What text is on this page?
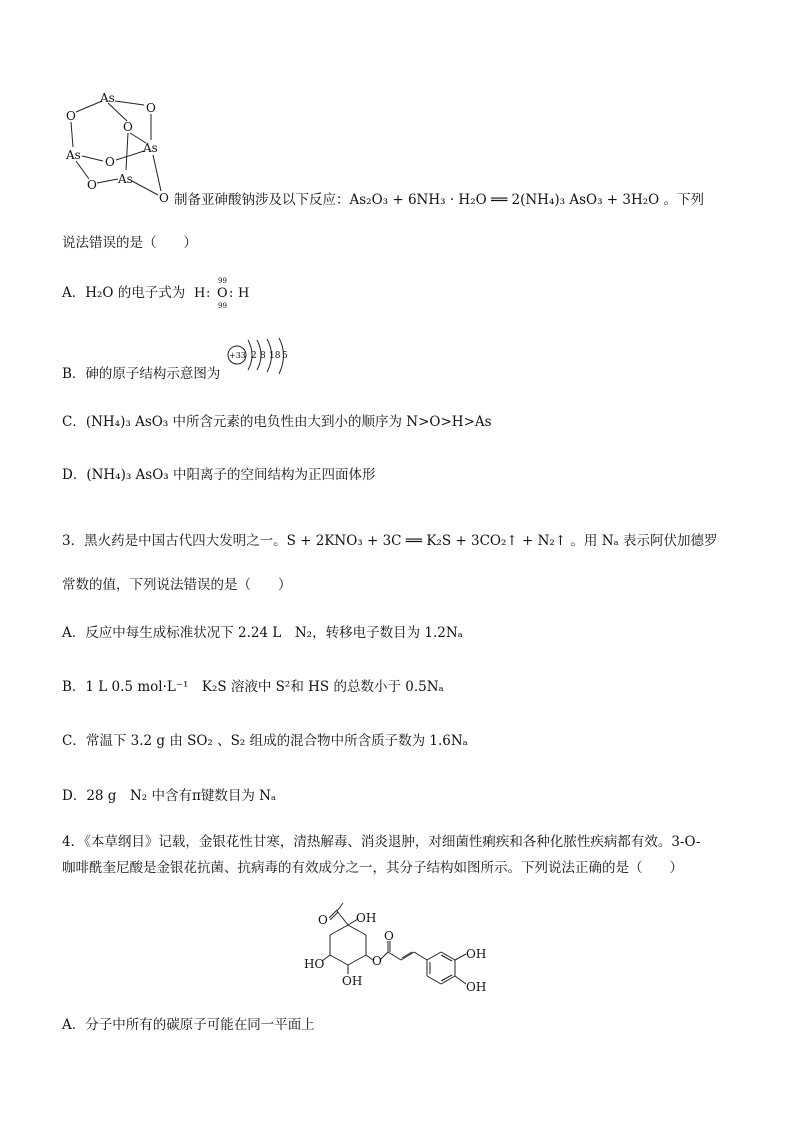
As
O
O
O
As O
As
O As
O 制备亚砷酸钠涉及以下反应：As₂O₃ + 6NH₃ · H₂O ══ 2(NH₄)₃ AsO₃ + 3H₂O 。下列
说法错误的是（　　）
A．H₂O 的电子式为 H :
99
O
99
: H
B．砷的原子结构示意图为
+33 2 8 18 5
C．(NH₄)₃ AsO₃ 中所含元素的电负性由大到小的顺序为 N>O>H>As
D．(NH₄)₃ AsO₃ 中阳离子的空间结构为正四面体形
3．黑火药是中国古代四大发明之一。S + 2KNO₃ + 3C ══ K₂S + 3CO₂↑ + N₂↑ 。用 Nₐ 表示阿伏加德罗
常数的值，下列说法错误的是（　　）
A．反应中每生成标准状况下 2.24 L　N₂，转移电子数目为 1.2Nₐ
B．1 L 0.5 mol·L⁻¹　K₂S 溶液中 S²和 HS 的总数小于 0.5Nₐ
C．常温下 3.2 g 由 SO₂ 、S₂ 组成的混合物中所含质子数为 1.6Nₐ
D．28 g　N₂ 中含有π键数目为 Nₐ
4．《本草纲目》记载，金银花性甘寒，清热解毒、消炎退肿，对细菌性痢疾和各种化脓性疾病都有效。3-O-
咖啡酰奎尼酸是金银花抗菌、抗病毒的有效成分之一，其分子结构如图所示。下列说法正确的是（　　）
O OH
HO
OH
O
O
OH
OH
A．分子中所有的碳原子可能在同一平面上
